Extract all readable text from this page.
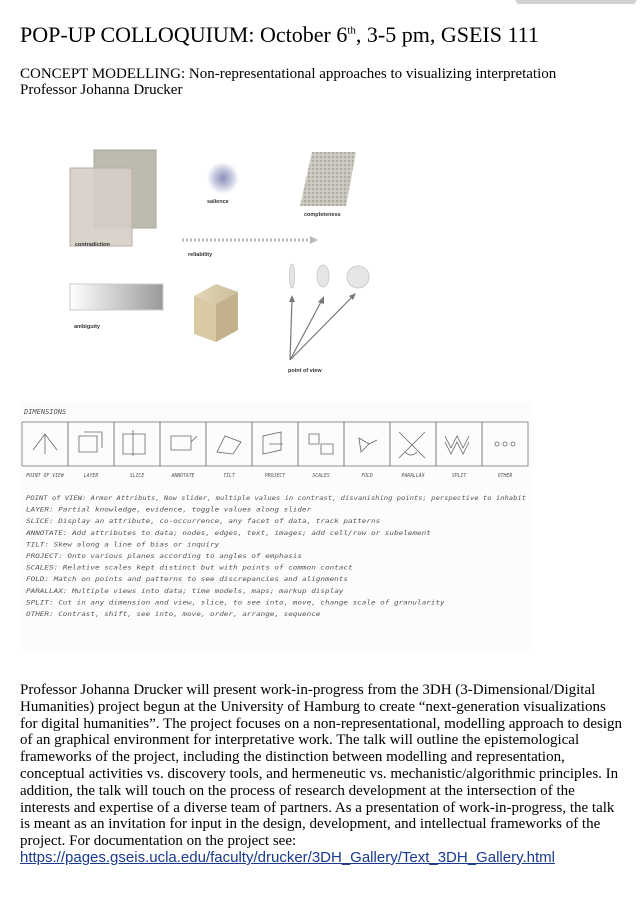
POP-UP COLLOQUIUM: October 6th, 3-5 pm, GSEIS 111
CONCEPT MODELLING: Non-representational approaches to visualizing interpretation
Professor Johanna Drucker
contradiction
salience
completeness
reliability
ambiguity
point of view
DIMENSIONS
POINT OF VIEW	LAYER	SLICE	ANNOTATE	TILT	PROJECT	SCALES	FOLD	PARALLAX	SPLIT	OTHER
POINT of VIEW: Armor Attributs, Now slider, multiple values in contrast, disvanishing points; perspective to inhabit
LAYER: Partial knowledge, evidence, toggle values along slider
SLICE: Display an attribute, co-occurrence, any facet of data, track patterns
ANNOTATE: Add attributes to data; nodes, edges, text, images; add cell/row or subelement
TILT: Skew along a line of bias or inquiry
PROJECT: Onto various planes according to angles of emphasis
SCALES: Relative scales kept distinct but with points of common contact
FOLD: Match on points and patterns to see discrepancies and alignments
PARALLAX: Multiple views into data; time models, maps; markup display
SPLIT: Cut in any dimension and view, slice, to see into, move, change scale of granularity
OTHER: Contrast, shift, see into, move, order, arrange, sequence
Professor Johanna Drucker will present work-in-progress from the 3DH (3-Dimensional/Digital Humanities) project begun at the University of Hamburg to create “next-generation visualizations for digital humanities”. The project focuses on a non-representational, modelling approach to design of an graphical environment for interpretative work. The talk will outline the epistemological frameworks of the project, including the distinction between modelling and representation, conceptual activities vs. discovery tools, and hermeneutic vs. mechanistic/algorithmic principles. In addition, the talk will touch on the process of research development at the intersection of the interests and expertise of a diverse team of partners. As a presentation of work-in-progress, the talk is meant as an invitation for input in the design, development, and intellectual frameworks of the project. For documentation on the project see:
https://pages.gseis.ucla.edu/faculty/drucker/3DH_Gallery/Text_3DH_Gallery.html
